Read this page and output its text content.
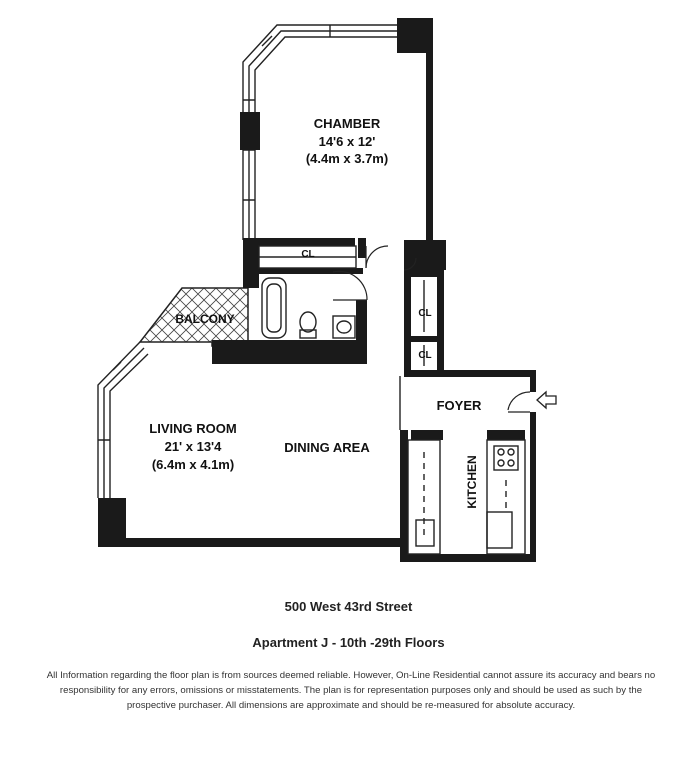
CHAMBER
14'6 x 12'
(4.4m x 3.7m)
CL
CL
CL
BALCONY
LIVING ROOM
21' x 13'4
(6.4m x 4.1m)
DINING AREA
FOYER
KITCHEN
500 West 43rd Street
Apartment J - 10th -29th Floors
All Information regarding the floor plan is from sources deemed reliable. However, On-Line Residential cannot assure its accuracy and bears no responsibility for any errors, omissions or misstatements. The plan is for representation purposes only and should be used as such by the prospective purchaser. All dimensions are approximate and should be re-measured for absolute accuracy.
